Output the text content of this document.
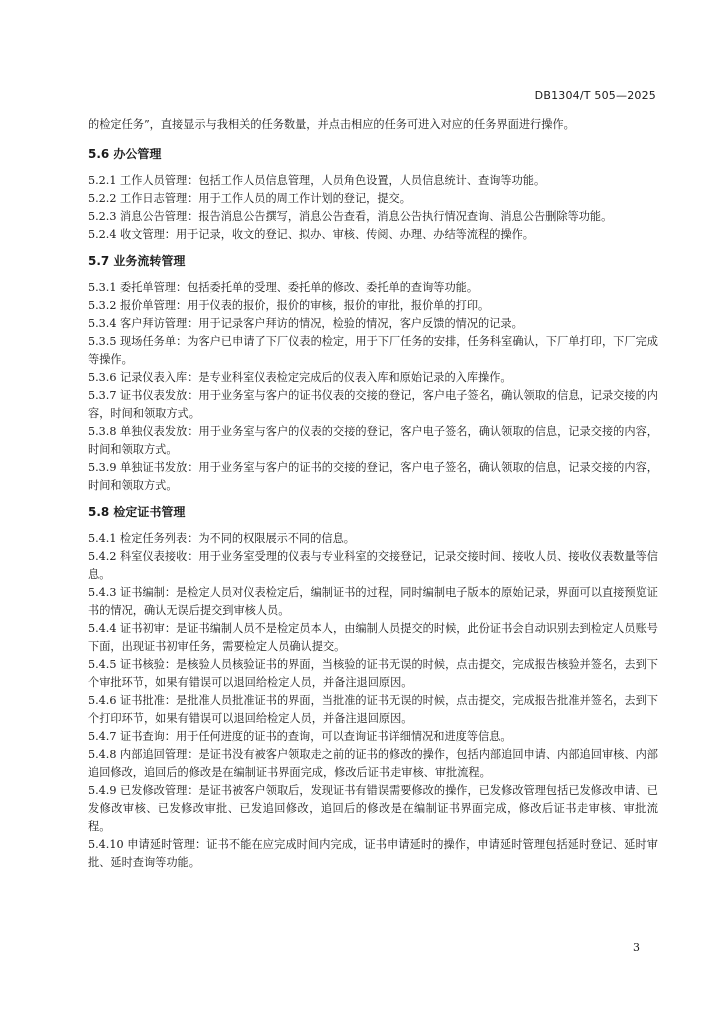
DB1304/T 505—2025

的检定任务”，直接显示与我相关的任务数量，并点击相应的任务可进入对应的任务界面进行操作。

5.6 办公管理

5.2.1 工作人员管理：包括工作人员信息管理，人员角色设置，人员信息统计、查询等功能。

5.2.2 工作日志管理：用于工作人员的周工作计划的登记，提交。

5.2.3 消息公告管理：报告消息公告撰写，消息公告查看，消息公告执行情况查询、消息公告删除等功能。

5.2.4 收文管理：用于记录，收文的登记、拟办、审核、传阅、办理、办结等流程的操作。

5.7 业务流转管理

5.3.1 委托单管理：包括委托单的受理、委托单的修改、委托单的查询等功能。

5.3.2 报价单管理：用于仪表的报价，报价的审核，报价的审批，报价单的打印。

5.3.4 客户拜访管理：用于记录客户拜访的情况，检验的情况，客户反馈的情况的记录。

5.3.5 现场任务单：为客户已申请了下厂仪表的检定，用于下厂任务的安排，任务科室确认，下厂单打印，下厂完成等操作。

5.3.6 记录仪表入库：是专业科室仪表检定完成后的仪表入库和原始记录的入库操作。

5.3.7 证书仪表发放：用于业务室与客户的证书仪表的交接的登记，客户电子签名，确认领取的信息，记录交接的内容，时间和领取方式。

5.3.8 单独仪表发放：用于业务室与客户的仪表的交接的登记，客户电子签名，确认领取的信息，记录交接的内容，时间和领取方式。

5.3.9 单独证书发放：用于业务室与客户的证书的交接的登记，客户电子签名，确认领取的信息，记录交接的内容，时间和领取方式。

5.8 检定证书管理

5.4.1 检定任务列表：为不同的权限展示不同的信息。

5.4.2 科室仪表接收：用于业务室受理的仪表与专业科室的交接登记，记录交接时间、接收人员、接收仪表数量等信息。

5.4.3 证书编制：是检定人员对仪表检定后，编制证书的过程，同时编制电子版本的原始记录，界面可以直接预览证书的情况，确认无误后提交到审核人员。

5.4.4 证书初审：是证书编制人员不是检定员本人，由编制人员提交的时候，此份证书会自动识别去到检定人员账号下面，出现证书初审任务，需要检定人员确认提交。

5.4.5 证书核验：是核验人员核验证书的界面，当核验的证书无误的时候，点击提交，完成报告核验并签名，去到下个审批环节，如果有错误可以退回给检定人员，并备注退回原因。

5.4.6 证书批准：是批准人员批准证书的界面，当批准的证书无误的时候，点击提交，完成报告批准并签名，去到下个打印环节，如果有错误可以退回给检定人员，并备注退回原因。

5.4.7 证书查询：用于任何进度的证书的查询，可以查询证书详细情况和进度等信息。

5.4.8 内部追回管理：是证书没有被客户领取走之前的证书的修改的操作，包括内部追回申请、内部追回审核、内部追回修改，追回后的修改是在编制证书界面完成，修改后证书走审核、审批流程。

5.4.9 已发修改管理：是证书被客户领取后，发现证书有错误需要修改的操作，已发修改管理包括已发修改申请、已发修改审核、已发修改审批、已发追回修改，追回后的修改是在编制证书界面完成，修改后证书走审核、审批流程。

5.4.10 申请延时管理：证书不能在应完成时间内完成，证书申请延时的操作，申请延时管理包括延时登记、延时审批、延时查询等功能。

3
